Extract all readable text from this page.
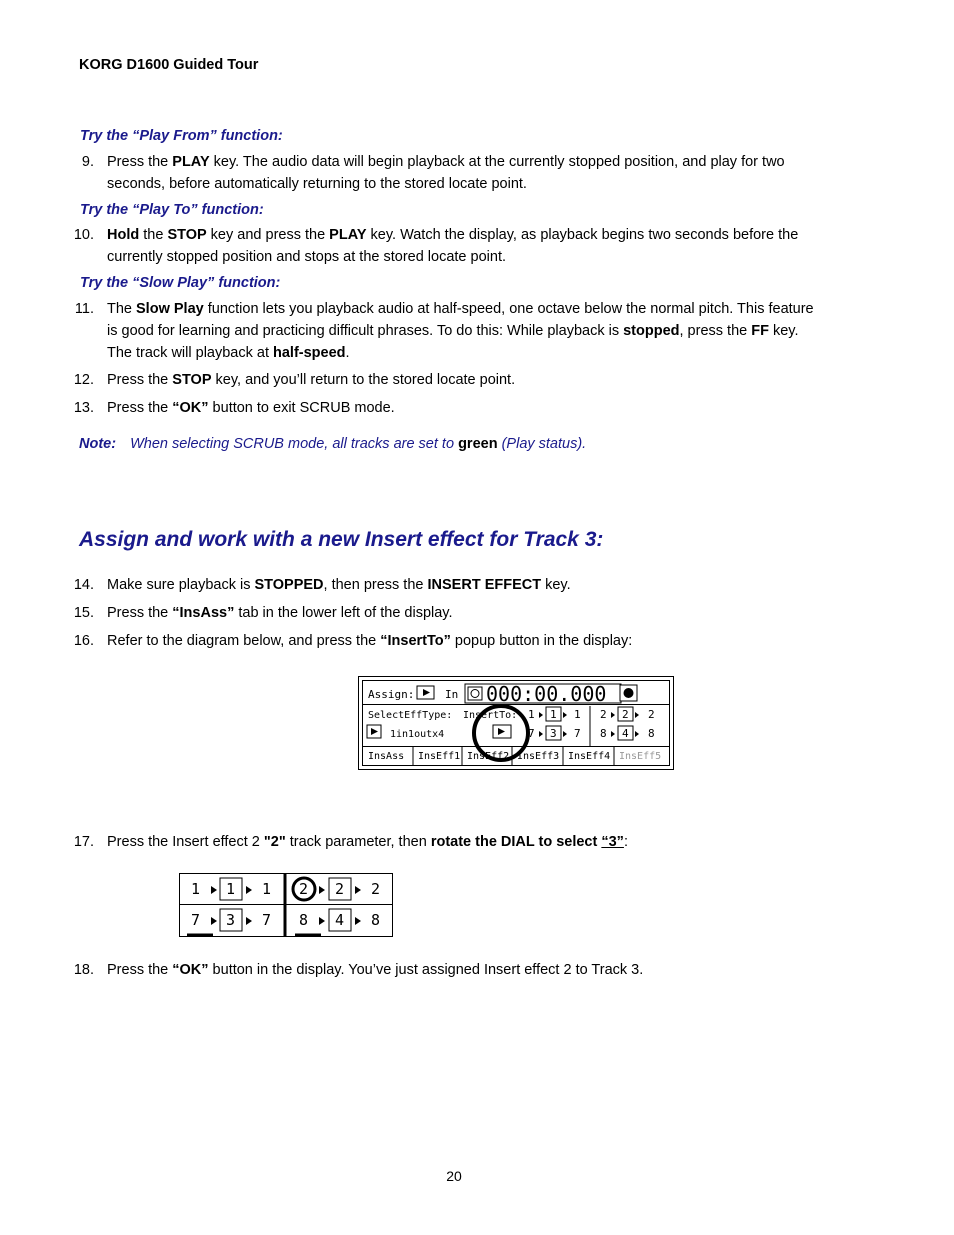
KORG D1600 Guided Tour
Try the “Play From” function:
9. Press the PLAY key. The audio data will begin playback at the currently stopped position, and play for two seconds, before automatically returning to the stored locate point.
Try the “Play To” function:
10. Hold the STOP key and press the PLAY key. Watch the display, as playback begins two seconds before the currently stopped position and stops at the stored locate point.
Try the “Slow Play” function:
11. The Slow Play function lets you playback audio at half-speed, one octave below the normal pitch. This feature is good for learning and practicing difficult phrases. To do this: While playback is stopped, press the FF key. The track will playback at half-speed.
12. Press the STOP key, and you’ll return to the stored locate point.
13. Press the “OK” button to exit SCRUB mode.
Note: When selecting SCRUB mode, all tracks are set to green (Play status).
Assign and work with a new Insert effect for Track 3:
14. Make sure playback is STOPPED, then press the INSERT EFFECT key.
15. Press the “InsAss” tab in the lower left of the display.
16. Refer to the diagram below, and press the “InsertTo” popup button in the display:
Assign:	In 000:00.000
SelectEffType: InsertTo: 1 1 1 2 2 2
1in1outx4	7 3 7 8 4 8
InsAss InsEff1 InsEff2 InsEff3 InsEff4 InsEff5
17. Press the Insert effect 2 "2" track parameter, then rotate the DIAL to select “3”:
1 1 1 2 2 2
7 3 7 8 4 8
18. Press the “OK” button in the display. You’ve just assigned Insert effect 2 to Track 3.
20
